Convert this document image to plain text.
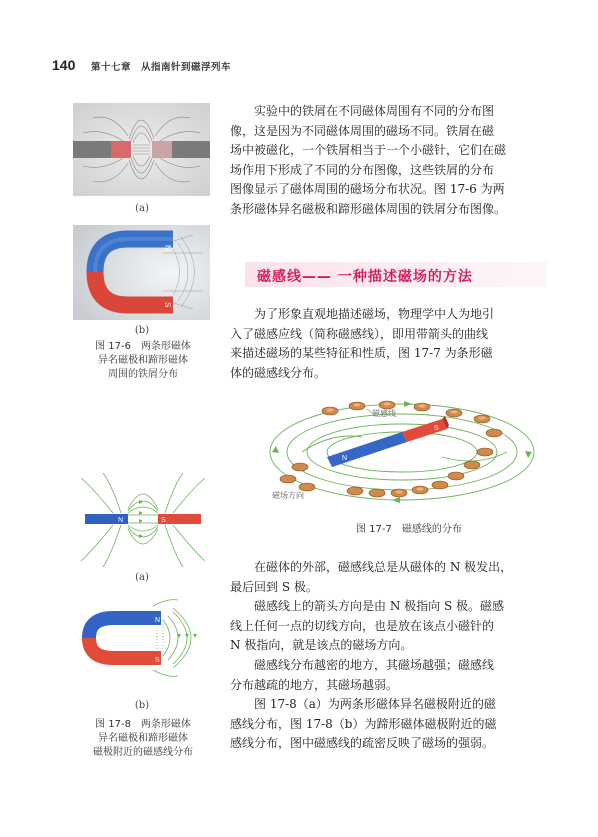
140 第十七章　从指南针到磁浮列车
(a)
N
S
(b)
图 17-6　两条形磁体
异名磁极和蹄形磁体
周围的铁屑分布
实验中的铁屑在不同磁体周围有不同的分布图
像，这是因为不同磁体周围的磁场不同。铁屑在磁
场中被磁化，一个铁屑相当于一个小磁针，它们在磁
场作用下形成了不同的分布图像，这些铁屑的分布
图像显示了磁体周围的磁场分布状况。图 17-6 为两
条形磁体异名磁极和蹄形磁体周围的铁屑分布图像。
磁感线—— 一种描述磁场的方法
为了形象直观地描述磁场，物理学中人为地引
入了磁感应线（简称磁感线），即用带箭头的曲线
来描述磁场的某些特征和性质，图 17-7 为条形磁
体的磁感线分布。
N
S
磁感线
磁场方向
图 17-7　磁感线的分布
N	S
(a)
N
S
(b)
图 17-8　两条形磁体
异名磁极和蹄形磁体
磁极附近的磁感线分布
在磁体的外部，磁感线总是从磁体的 N 极发出，
最后回到 S 极。
磁感线上的箭头方向是由 N 极指向 S 极。磁感
线上任何一点的切线方向，也是放在该点小磁针的
N 极指向，就是该点的磁场方向。
磁感线分布越密的地方，其磁场越强；磁感线
分布越疏的地方，其磁场越弱。
图 17-8（a）为两条形磁体异名磁极附近的磁
感线分布，图 17-8（b）为蹄形磁体磁极附近的磁
感线分布，图中磁感线的疏密反映了磁场的强弱。
